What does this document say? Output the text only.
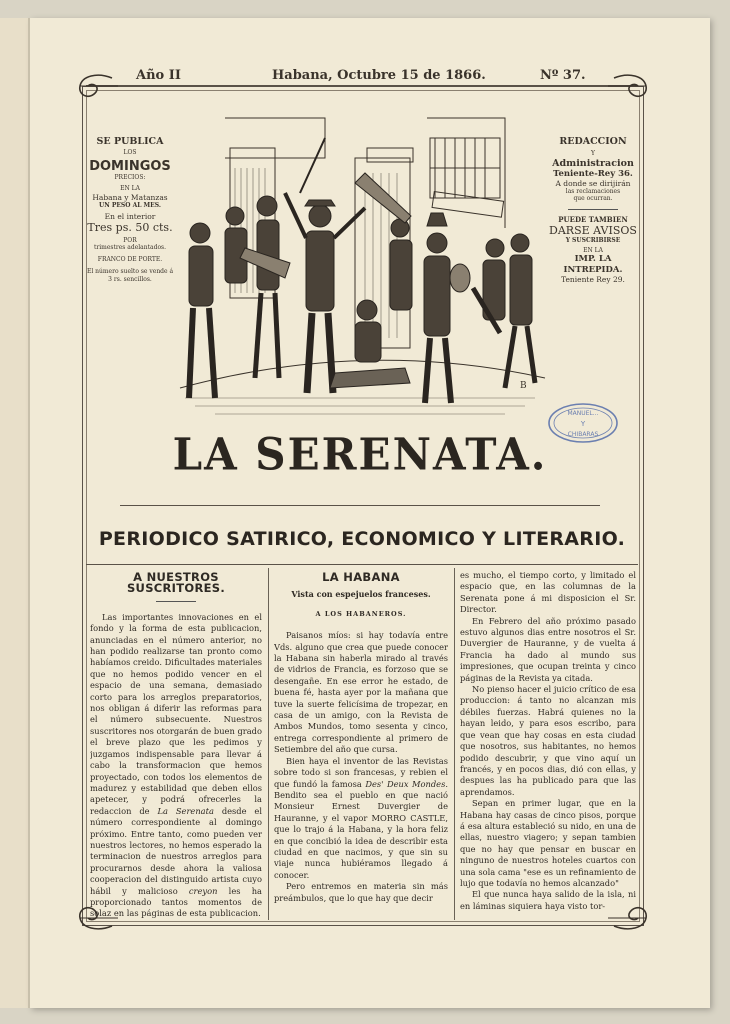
Año II	Habana, Octubre 15 de 1866.	Nº 37.
SE PUBLICA
LOS
DOMINGOS
PRECIOS:
EN LA
Habana y Matanzas
UN PESO AL MES.
En el interior
Tres ps. 50 cts.
POR
trimestres adelantados.
FRANCO DE PORTE.
El número suelto se vende á 3 rs. sencillos.
REDACCION
Y
Administracion
Teniente-Rey 36.
A donde se dirijirán
las reclamaciones
que ocurran.
PUEDE TAMBIEN
DARSE AVISOS
Y SUSCRIBIRSE
EN LA
IMP. LA INTREPIDA.
Teniente Rey 29.
B
MANUEL...
Y
CHIBARAS
LA SERENATA.
PERIODICO SATIRICO, ECONOMICO Y LITERARIO.
A NUESTROS SUSCRITORES.

Las importantes innovaciones en el fondo y la forma de esta publicacion, anunciadas en el número anterior, no han podido realizarse tan pronto como habíamos creido. Dificultades materiales que no hemos podido vencer en el espacio de una semana, demasiado corto para los arreglos preparatorios, nos obligan á diferir las reformas para el número subsecuente. Nuestros suscritores nos otorgarán de buen grado el breve plazo que les pedimos y juzgamos indispensable para llevar á cabo la transformacion que hemos proyectado, con todos los elementos de madurez y estabilidad que deben ellos apetecer, y podrá ofrecerles la redaccion de La Serenata desde el número correspondiente al domingo próximo. Entre tanto, como pueden ver nuestros lectores, no hemos esperado la terminacion de nuestros arreglos para procurarnos desde ahora la valiosa cooperacion del distinguido artista cuyo hábil y malicioso creyon les ha proporcionado tantos momentos de solaz en las páginas de esta publicacion.

LA HABANA
Vista con espejuelos franceses.
A LOS HABANEROS.

Paisanos míos: si hay todavía entre Vds. alguno que crea que puede conocer la Habana sin haberla mirado al través de vidrios de Francia, es forzoso que se desengañe. En ese error he estado, de buena fé, hasta ayer por la mañana que tuve la suerte felicísima de tropezar, en casa de un amigo, con la Revista de Ambos Mundos, tomo sesenta y cinco, entrega correspondiente al primero de Setiembre del año que cursa.

Bien haya el inventor de las Revistas sobre todo si son francesas, y rebien el que fundó la famosa Des' Deux Mondes. Bendito sea el pueblo en que nació Monsieur Ernest Duvergier de Hauranne, y el vapor MORRO CASTLE, que lo trajo á la Habana, y la hora feliz en que concibió la idea de describir esta ciudad en que nacimos, y que sin su viaje nunca hubiéramos llegado á conocer.

Pero entremos en materia sin más preámbulos, que lo que hay que decir

es mucho, el tiempo corto, y limitado el espacio que, en las columnas de la Serenata pone á mi disposicion el Sr. Director.

En Febrero del año próximo pasado estuvo algunos dias entre nosotros el Sr. Duvergier de Hauranne, y de vuelta á Francia ha dado al mundo sus impresiones, que ocupan treinta y cinco páginas de la Revista ya citada.

No pienso hacer el juicio crítico de esa produccion: á tanto no alcanzan mis débiles fuerzas. Habrá quienes no la hayan leido, y para esos escribo, para que vean que hay cosas en esta ciudad que nosotros, sus habitantes, no hemos podido descubrir, y que vino aquí un francés, y en pocos dias, dió con ellas, y despues las ha publicado para que las aprendamos.

Sepan en primer lugar, que en la Habana hay casas de cinco pisos, porque á esa altura estableció su nido, en una de ellas, nuestro viagero; y sepan tambien que no hay que pensar en buscar en ninguno de nuestros hoteles cuartos con una sola cama "ese es un refinamiento de lujo que todavía no hemos alcanzado"

El que nunca haya salido de la isla, ni en láminas siquiera haya visto tor-
